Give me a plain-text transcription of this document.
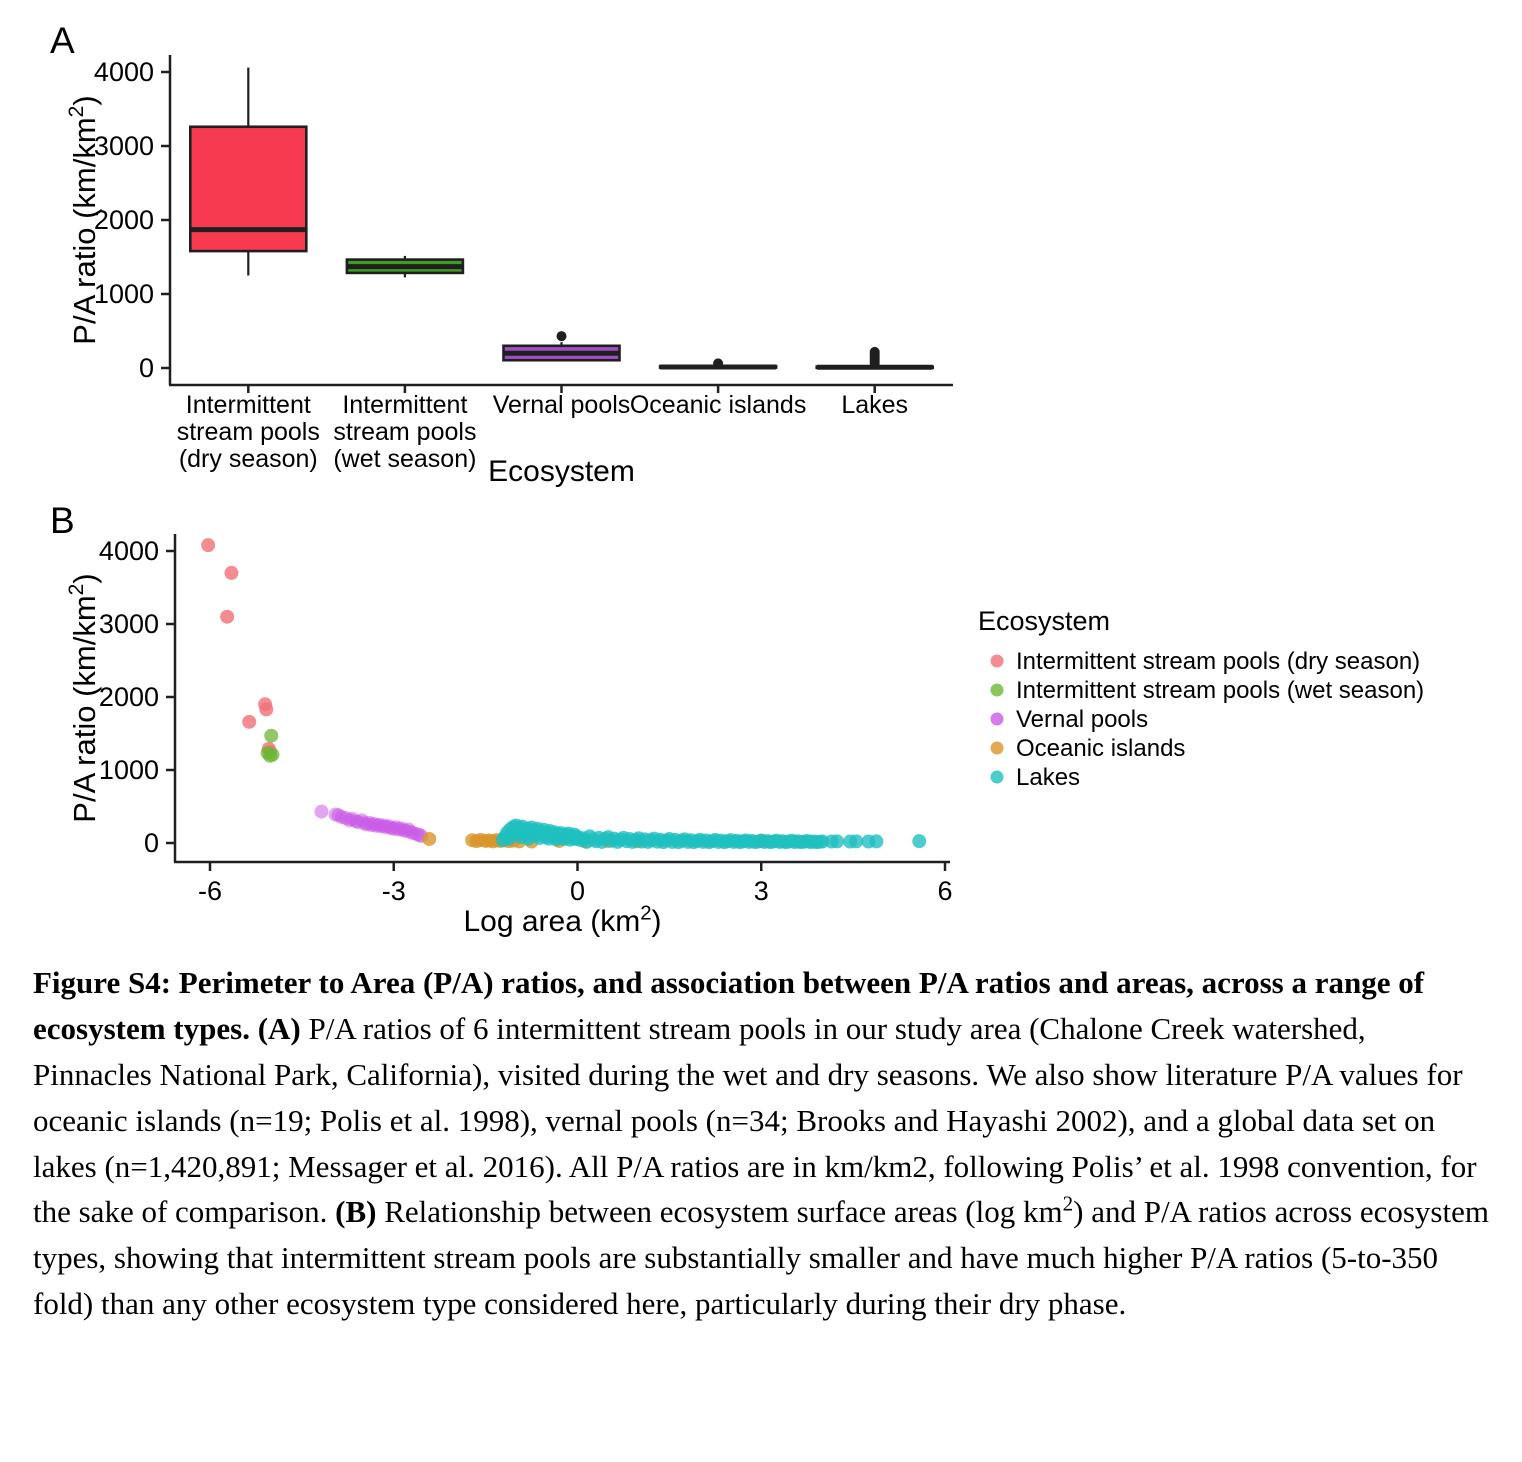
A
B
0
1000
2000
3000
4000
Intermittent
stream pools
(dry season)
Intermittent
stream pools
(wet season)
Vernal pools Oceanic islands Lakes
Ecosystem
P/A ratio $(km/km^2)$
0
1000
2000
3000
4000
-6	-3	0	3	6
Ecosystem
Intermittent stream pools (dry season)
Intermittent stream pools (wet season)
Vernal pools
Oceanic islands
Lakes
Log area $(km^2)$
P/A ratio $(km/km^2)$
Figure S4: Perimeter to Area (P/A) ratios, and association between P/A ratios and areas, across a range of ecosystem types. (A) P/A ratios of 6 intermittent stream pools in our study area (Chalone Creek watershed, Pinnacles National Park, California), visited during the wet and dry seasons. We also show literature P/A values for oceanic islands (n=19; Polis et al. 1998), vernal pools (n=34; Brooks and Hayashi 2002), and a global data set on lakes (n=1,420,891; Messager et al. 2016). All P/A ratios are in km/km2, following Polis’ et al. 1998 convention, for the sake of comparison. (B) Relationship between ecosystem surface areas (log $km^2$) and P/A ratios across ecosystem types, showing that intermittent stream pools are substantially smaller and have much higher P/A ratios (5-to-350 fold) than any other ecosystem type considered here, particularly during their dry phase.
